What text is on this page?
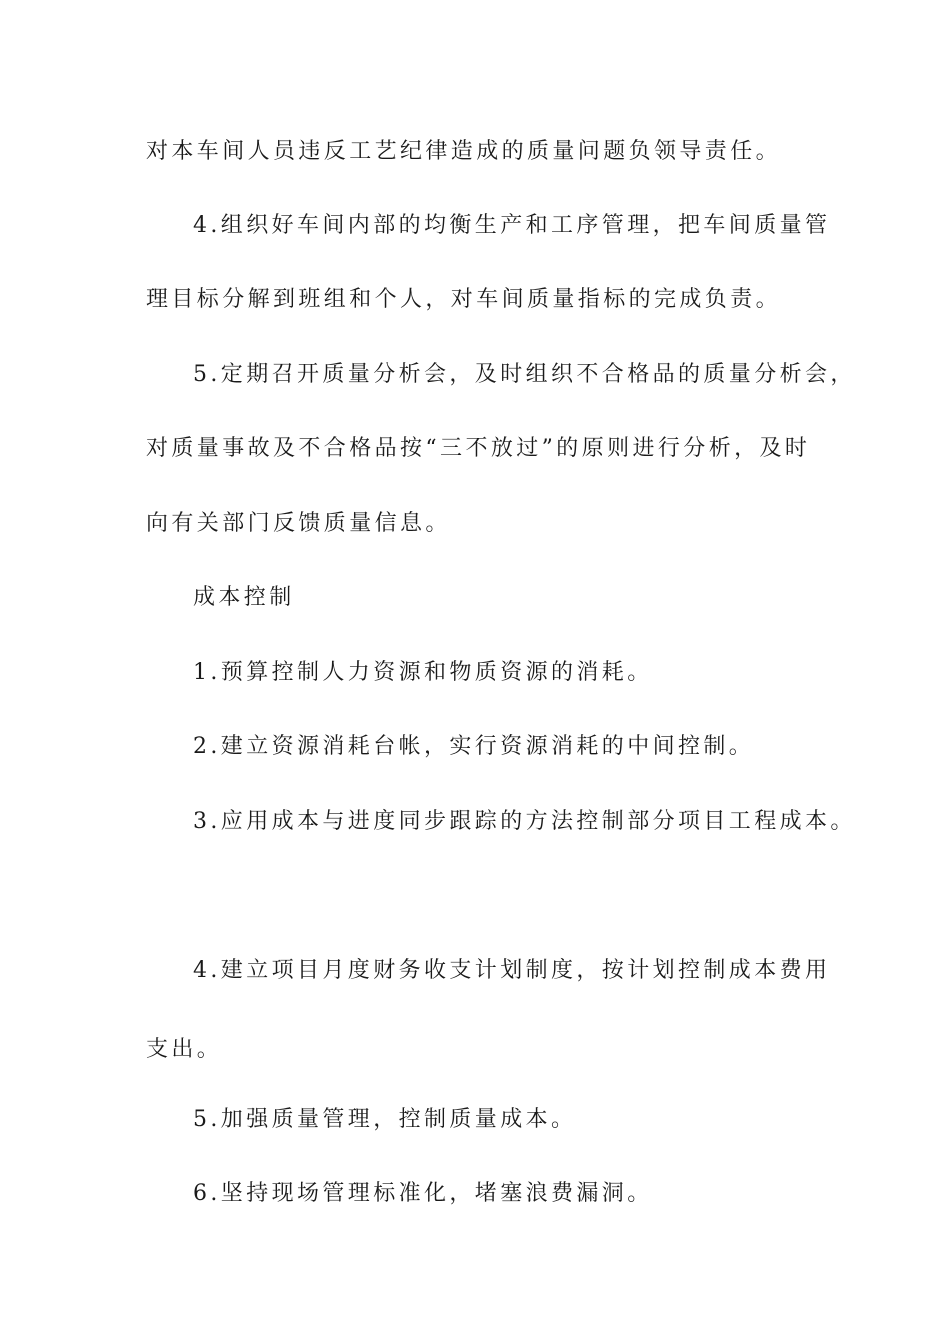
对本车间人员违反工艺纪律造成的质量问题负领导责任。
4.组织好车间内部的均衡生产和工序管理，把车间质量管
理目标分解到班组和个人，对车间质量指标的完成负责。
5.定期召开质量分析会，及时组织不合格品的质量分析会，
对质量事故及不合格品按“三不放过”的原则进行分析，及时
向有关部门反馈质量信息。
成本控制
1.预算控制人力资源和物质资源的消耗。
2.建立资源消耗台帐，实行资源消耗的中间控制。
3.应用成本与进度同步跟踪的方法控制部分项目工程成本。
4.建立项目月度财务收支计划制度，按计划控制成本费用
支出。
5.加强质量管理，控制质量成本。
6.坚持现场管理标准化，堵塞浪费漏洞。
